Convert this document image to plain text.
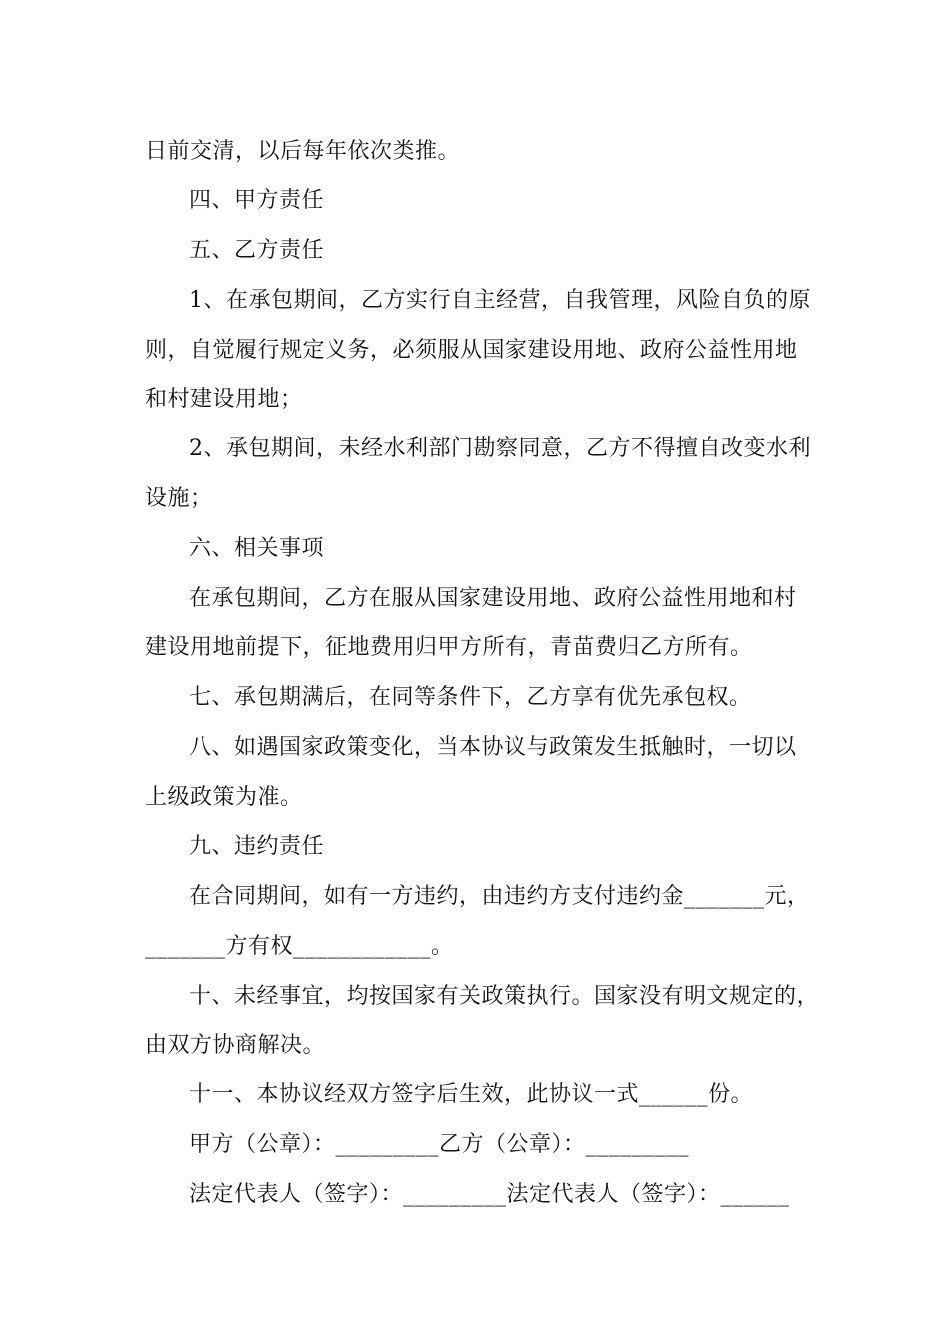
日前交清，以后每年依次类推。
四、甲方责任
五、乙方责任
1、在承包期间，乙方实行自主经营，自我管理，风险自负的原
则，自觉履行规定义务，必须服从国家建设用地、政府公益性用地
和村建设用地；
2、承包期间，未经水利部门勘察同意，乙方不得擅自改变水利
设施；
六、相关事项
在承包期间，乙方在服从国家建设用地、政府公益性用地和村
建设用地前提下，征地费用归甲方所有，青苗费归乙方所有。
七、承包期满后，在同等条件下，乙方享有优先承包权。
八、如遇国家政策变化，当本协议与政策发生抵触时，一切以
上级政策为准。
九、违约责任
在合同期间，如有一方违约，由违约方支付违约金_______元，
_______方有权____________。
十、未经事宜，均按国家有关政策执行。国家没有明文规定的，
由双方协商解决。
十一、本协议经双方签字后生效，此协议一式______份。
甲方（公章）：_________乙方（公章）：_________
法定代表人（签字）：_________法定代表人（签字）：______
